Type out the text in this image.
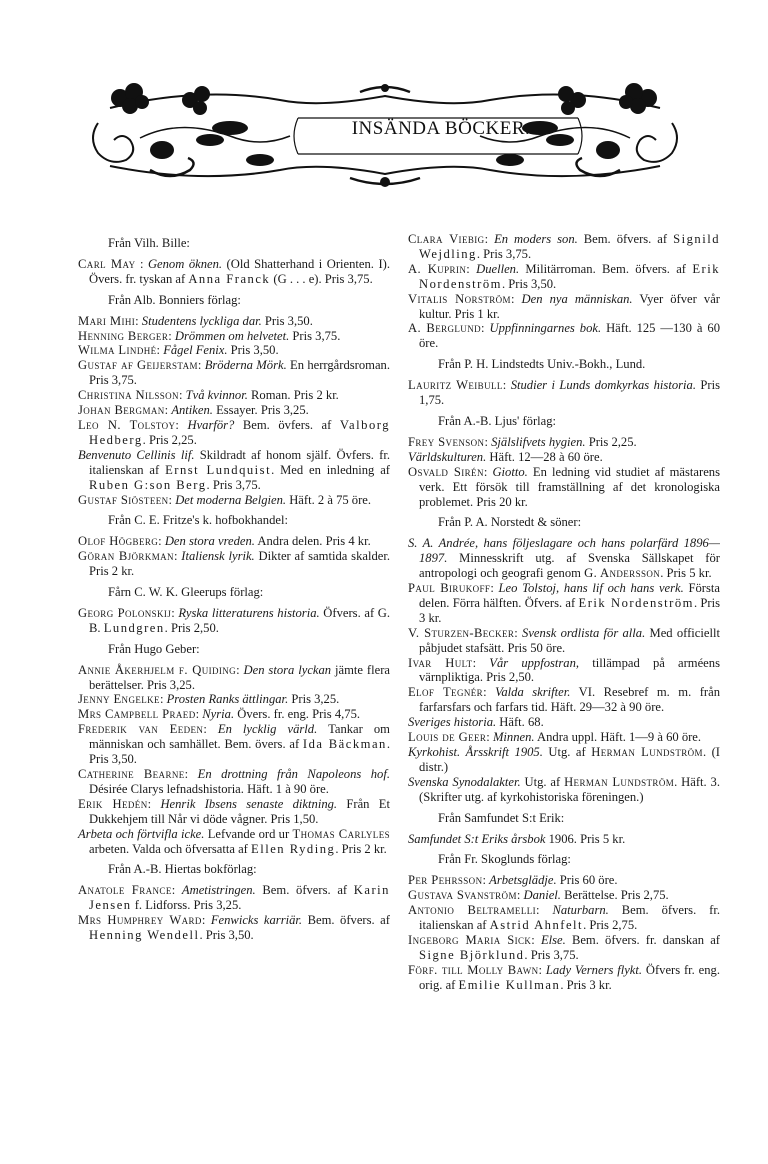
INSÄNDA BÖCKER.
Från Vilh. Bille:

Carl May : Genom öknen. (Old Shatterhand i Orienten. I). Övers. fr. tyskan af Anna Franck (G . . . e). Pris 3,75.

Från Alb. Bonniers förlag:

Mari Mihi: Studentens lyckliga dar. Pris 3,50.

Henning Berger: Drömmen om helvetet. Pris 3,75.

Wilma Lindhé: Fågel Fenix. Pris 3,50.

Gustaf af Geijerstam: Bröderna Mörk. En herrgårdsroman. Pris 3,75.

Christina Nilsson: Två kvinnor. Roman. Pris 2 kr.

Johan Bergman: Antiken. Essayer. Pris 3,25.

Leo N. Tolstoy: Hvarför? Bem. övfers. af Valborg Hedberg. Pris 2,25.

Benvenuto Cellinis lif. Skildradt af honom själf. Övfers. fr. italienskan af Ernst Lundquist. Med en inledning af Ruben G:son Berg. Pris 3,75.

Gustaf Siösteen: Det moderna Belgien. Häft. 2 à 75 öre.

Från C. E. Fritze's k. hofbokhandel:

Olof Högberg: Den stora vreden. Andra delen. Pris 4 kr.

Göran Björkman: Italiensk lyrik. Dikter af samtida skalder. Pris 2 kr.

Fårn C. W. K. Gleerups förlag:

Georg Polonskij: Ryska litteraturens historia. Öfvers. af G. B. Lundgren. Pris 2,50.

Från Hugo Geber:

Annie Åkerhjelm f. Quiding: Den stora lyckan jämte flera berättelser. Pris 3,25.

Jenny Engelke: Prosten Ranks ättlingar. Pris 3,25.

Mrs Campbell Praed: Nyria. Övers. fr. eng. Pris 4,75.

Frederik van Eeden: En lycklig värld. Tankar om människan och samhället. Bem. övers. af Ida Bäckman. Pris 3,50.

Catherine Bearne: En drottning från Napoleons hof. Désirée Clarys lefnadshistoria. Häft. 1 à 90 öre.

Erik Hedén: Henrik Ibsens senaste diktning. Från Et Dukkehjem till Når vi döde vågner. Pris 1,50.

Arbeta och förtvifla icke. Lefvande ord ur Thomas Carlyles arbeten. Valda och öfversatta af Ellen Ryding. Pris 2 kr.

Från A.-B. Hiertas bokförlag:

Anatole France: Ametistringen. Bem. öfvers. af Karin Jensen f. Lidforss. Pris 3,25.

Mrs Humphrey Ward: Fenwicks karriär. Bem. öfvers. af Henning Wendell. Pris 3,50.

Clara Viebig: En moders son. Bem. öfvers. af Signild Wejdling. Pris 3,75.

A. Kuprin: Duellen. Militärroman. Bem. öfvers. af Erik Nordenström. Pris 3,50.

Vitalis Norström: Den nya människan. Vyer öfver vår kultur. Pris 1 kr.

A. Berglund: Uppfinningarnes bok. Häft. 125 —130 à 60 öre.

Från P. H. Lindstedts Univ.-Bokh., Lund.

Lauritz Weibull: Studier i Lunds domkyrkas historia. Pris 1,75.

Från A.-B. Ljus' förlag:

Frey Svenson: Själslifvets hygien. Pris 2,25.

Världskulturen. Häft. 12—28 à 60 öre.

Osvald Sirén: Giotto. En ledning vid studiet af mästarens verk. Ett försök till framställning af det kronologiska problemet. Pris 20 kr.

Från P. A. Norstedt & söner:

S. A. Andrée, hans följeslagare och hans polarfärd 1896—1897. Minnesskrift utg. af Svenska Sällskapet för antropologi och geografi genom G. Andersson. Pris 5 kr.

Paul Birukoff: Leo Tolstoj, hans lif och hans verk. Första delen. Förra hälften. Öfvers. af Erik Nordenström. Pris 3 kr.

V. Sturzen-Becker: Svensk ordlista för alla. Med officiellt påbjudet stafsätt. Pris 50 öre.

Ivar Hult: Vår uppfostran, tillämpad på arméens värnpliktiga. Pris 2,50.

Elof Tegnér: Valda skrifter. VI. Resebref m. m. från farfarsfars och farfars tid. Häft. 29—32 à 90 öre.

Sveriges historia. Häft. 68.

Louis de Geer: Minnen. Andra uppl. Häft. 1—9 à 60 öre.

Kyrkohist. Årsskrift 1905. Utg. af Herman Lundström. (I distr.)

Svenska Synodalakter. Utg. af Herman Lundström. Häft. 3. (Skrifter utg. af kyrkohistoriska föreningen.)

Från Samfundet S:t Erik:

Samfundet S:t Eriks årsbok 1906. Pris 5 kr.

Från Fr. Skoglunds förlag:

Per Pehrsson: Arbetsglädje. Pris 60 öre.

Gustava Svanström: Daniel. Berättelse. Pris 2,75.

Antonio Beltramelli: Naturbarn. Bem. öfvers. fr. italienskan af Astrid Ahnfelt. Pris 2,75.

Ingeborg Maria Sick: Else. Bem. öfvers. fr. danskan af Signe Björklund. Pris 3,75.

Förf. till Molly Bawn: Lady Verners flykt. Öfvers fr. eng. orig. af Emilie Kullman. Pris 3 kr.
